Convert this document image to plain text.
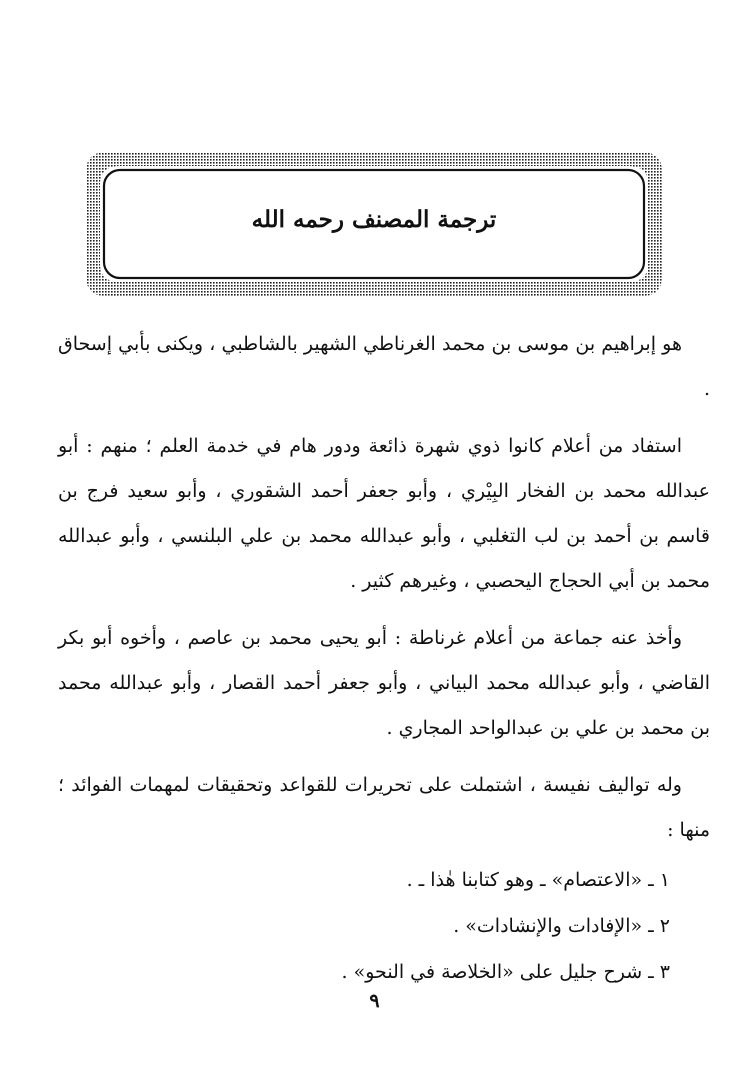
ترجمة المصنف رحمه الله

هو إبراهيم بن موسى بن محمد الغرناطي الشهير بالشاطبي ، ويكنى بأبي إسحاق .

استفاد من أعلام كانوا ذوي شهرة ذائعة ودور هام في خدمة العلم ؛ منهم : أبو عبدالله محمد بن الفخار البِيْري ، وأبو جعفر أحمد الشقوري ، وأبو سعيد فرج بن قاسم بن أحمد بن لب التغلبي ، وأبو عبدالله محمد بن علي البلنسي ، وأبو عبدالله محمد بن أبي الحجاج اليحصبي ، وغيرهم كثير .

وأخذ عنه جماعة من أعلام غرناطة : أبو يحيى محمد بن عاصم ، وأخوه أبو بكر القاضي ، وأبو عبدالله محمد البياني ، وأبو جعفر أحمد القصار ، وأبو عبدالله محمد بن محمد بن علي بن عبدالواحد المجاري .

وله تواليف نفيسة ، اشتملت على تحريرات للقواعد وتحقيقات لمهمات الفوائد ؛ منها :

١ ـ «الاعتصام» ـ وهو كتابنا هٰذا ـ .
٢ ـ «الإفادات والإنشادات» .
٣ ـ شرح جليل على «الخلاصة في النحو» .
٩
